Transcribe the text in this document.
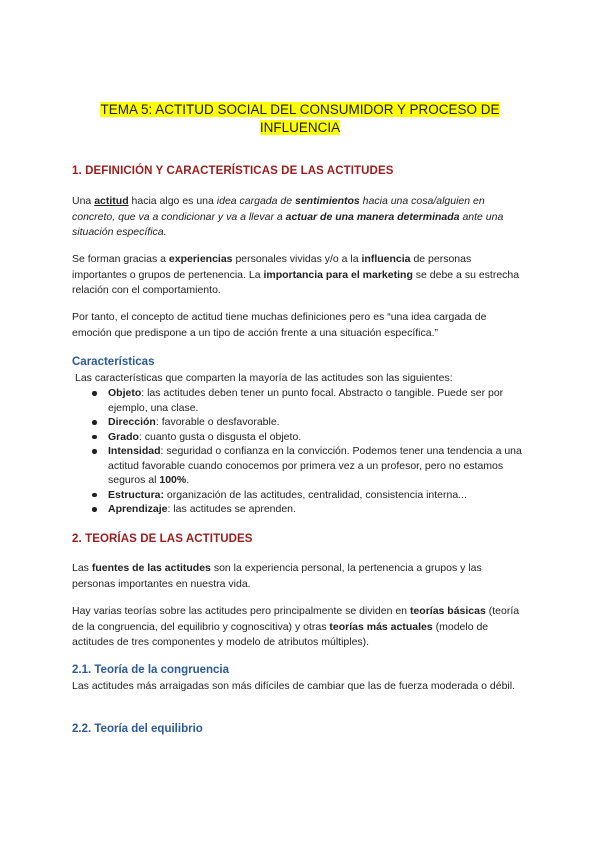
TEMA 5: ACTITUD SOCIAL DEL CONSUMIDOR Y PROCESO DE
INFLUENCIA
1. DEFINICIÓN Y CARACTERÍSTICAS DE LAS ACTITUDES

Una actitud hacia algo es una idea cargada de sentimientos hacia una cosa/alguien en concreto, que va a condicionar y va a llevar a actuar de una manera determinada ante una situación específica.

Se forman gracias a experiencias personales vividas y/o a la influencia de personas importantes o grupos de pertenencia. La importancia para el marketing se debe a su estrecha relación con el comportamiento.

Por tanto, el concepto de actitud tiene muchas definiciones pero es “una idea cargada de emoción que predispone a un tipo de acción frente a una situación específica.”

Características

Las características que comparten la mayoría de las actitudes son las siguientes:

Objeto: las actitudes deben tener un punto focal. Abstracto o tangible. Puede ser por ejemplo, una clase.
Dirección: favorable o desfavorable.
Grado: cuanto gusta o disgusta el objeto.
Intensidad: seguridad o confianza en la convicción. Podemos tener una tendencia a una actitud favorable cuando conocemos por primera vez a un profesor, pero no estamos seguros al 100%.
Estructura: organización de las actitudes, centralidad, consistencia interna...
Aprendizaje: las actitudes se aprenden.
2. TEORÍAS DE LAS ACTITUDES

Las fuentes de las actitudes son la experiencia personal, la pertenencia a grupos y las personas importantes en nuestra vida.

Hay varias teorías sobre las actitudes pero principalmente se dividen en teorías básicas (teoría de la congruencia, del equilibrio y cognoscitiva) y otras teorías más actuales (modelo de actitudes de tres componentes y modelo de atributos múltiples).

2.1. Teoría de la congruencia

Las actitudes más arraigadas son más difíciles de cambiar que las de fuerza moderada o débil.

2.2. Teoría del equilibrio
